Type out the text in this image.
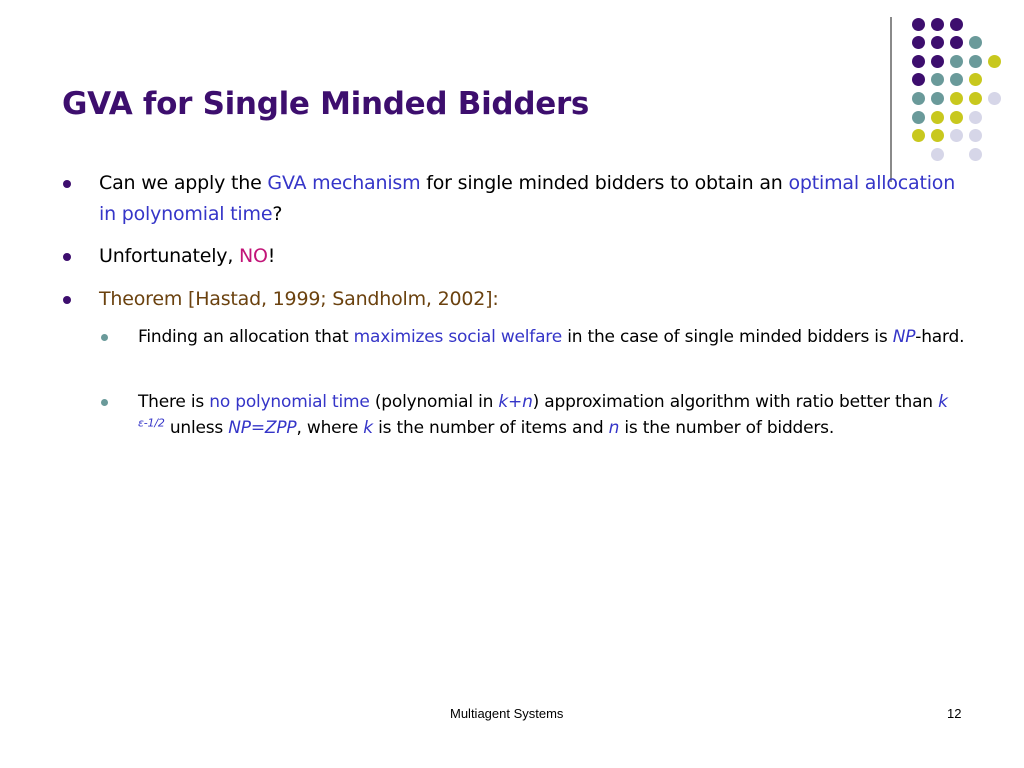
GVA for Single Minded Bidders
Can we apply the GVA mechanism for single minded bidders to obtain an optimal allocation in polynomial time?
Unfortunately, NO!
Theorem [Hastad, 1999; Sandholm, 2002]:
Finding an allocation that maximizes social welfare in the case of single minded bidders is NP-hard.
There is no polynomial time (polynomial in k+n) approximation algorithm with ratio better than k $^{\varepsilon-1/2}$ unless NP=ZPP, where k is the number of items and n is the number of bidders.
Multiagent Systems	12
